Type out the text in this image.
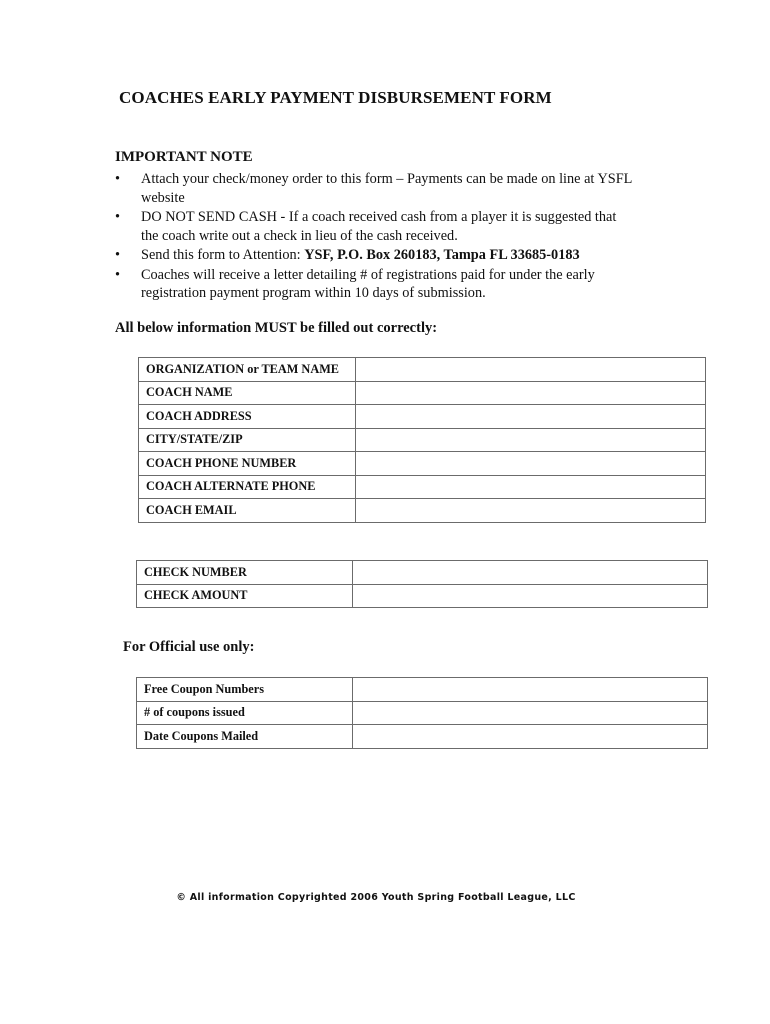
COACHES EARLY PAYMENT DISBURSEMENT FORM
IMPORTANT NOTE
• Attach your check/money order to this form – Payments can be made on line at YSFL
website
• DO NOT SEND CASH - If a coach received cash from a player it is suggested that
the coach write out a check in lieu of the cash received.
• Send this form to Attention: YSF, P.O. Box 260183, Tampa FL 33685-0183
• Coaches will receive a letter detailing # of registrations paid for under the early
registration payment program within 10 days of submission.
All below information MUST be filled out correctly:
ORGANIZATION or TEAM NAME	
COACH NAME	
COACH ADDRESS	
CITY/STATE/ZIP	
COACH PHONE NUMBER	
COACH ALTERNATE PHONE	
COACH EMAIL	
CHECK NUMBER	
CHECK AMOUNT	
For Official use only:
Free Coupon Numbers	
# of coupons issued	
Date Coupons Mailed	
© All information Copyrighted 2006 Youth Spring Football League, LLC
